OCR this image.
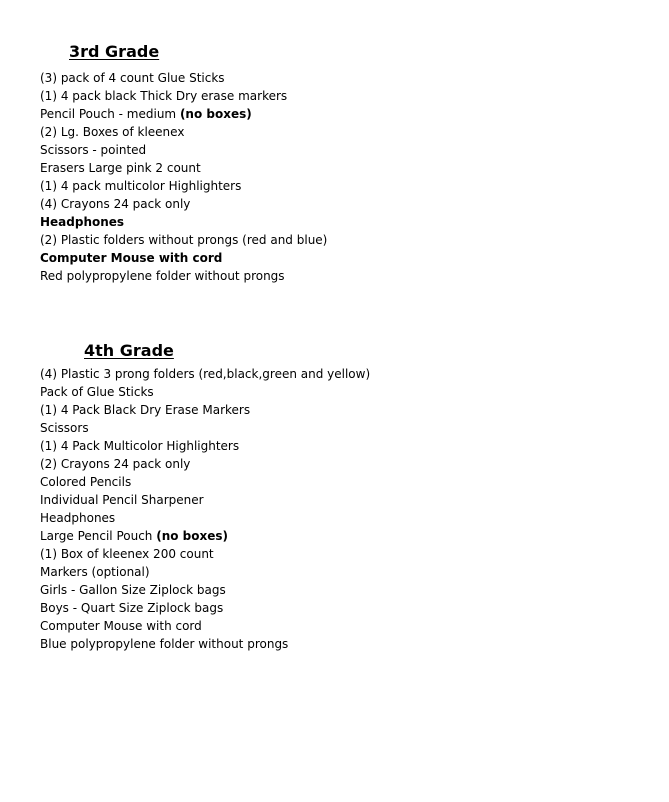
3rd Grade
(3) pack of 4 count Glue Sticks
(1) 4 pack black Thick Dry erase markers
Pencil Pouch - medium (no boxes)
(2) Lg. Boxes of kleenex
Scissors - pointed
Erasers Large pink 2 count
(1) 4 pack multicolor Highlighters
(4) Crayons 24 pack only
Headphones
(2) Plastic folders without prongs (red and blue)
Computer Mouse with cord
Red polypropylene folder without prongs
4th Grade
(4) Plastic 3 prong folders (red,black,green and yellow)
Pack of Glue Sticks
(1) 4 Pack Black Dry Erase Markers
Scissors
(1) 4 Pack Multicolor Highlighters
(2) Crayons 24 pack only
Colored Pencils
Individual Pencil Sharpener
Headphones
Large Pencil Pouch (no boxes)
(1) Box of kleenex 200 count
Markers (optional)
Girls - Gallon Size Ziplock bags
Boys - Quart Size Ziplock bags
Computer Mouse with cord
Blue polypropylene folder without prongs
